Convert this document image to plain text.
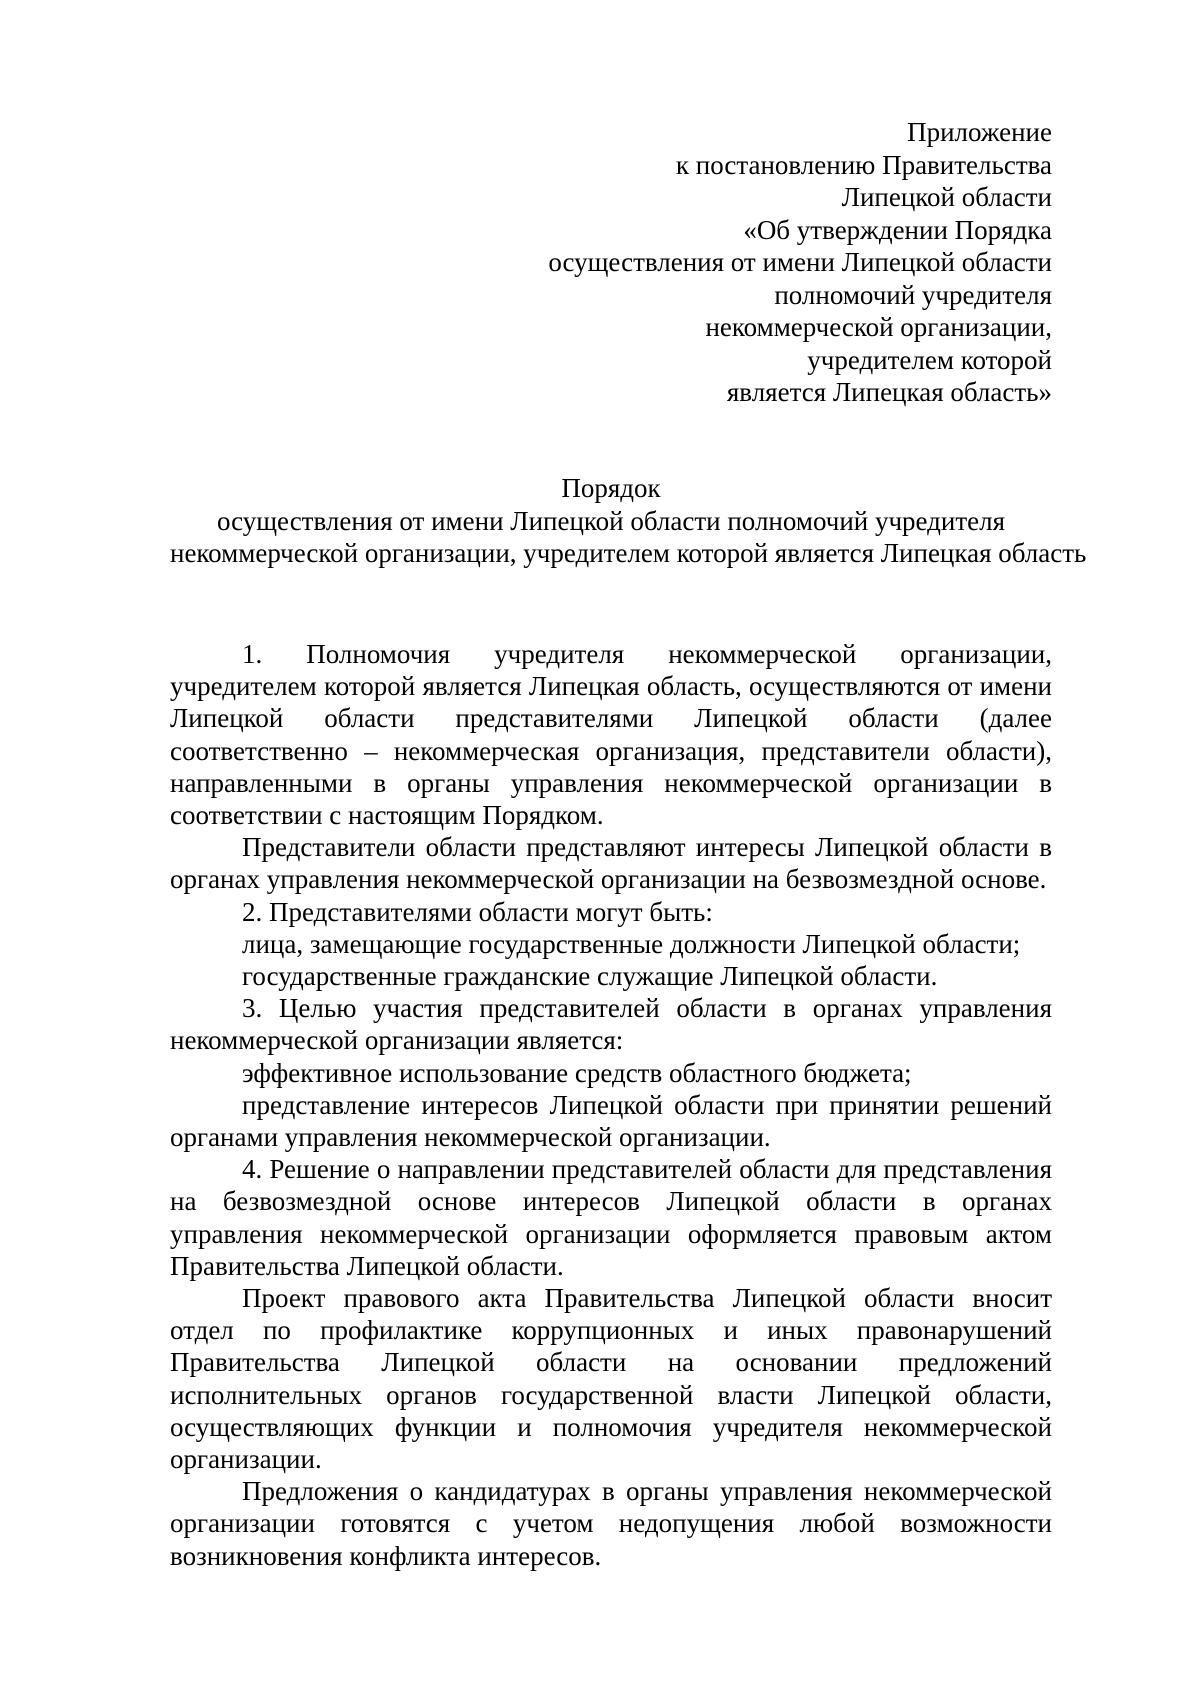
Приложение
к постановлению Правительства
Липецкой области
«Об утверждении Порядка
осуществления от имени Липецкой области
полномочий учредителя
некоммерческой организации,
учредителем которой
является Липецкая область»
Порядок
осуществления от имени Липецкой области полномочий учредителя
некоммерческой организации, учредителем которой является Липецкая область

1. Полномочия учредителя некоммерческой организации, учредителем которой является Липецкая область, осуществляются от имени Липецкой области представителями Липецкой области (далее соответственно – некоммерческая организация, представители области), направленными в органы управления некоммерческой организации в соответствии с настоящим Порядком.

Представители области представляют интересы Липецкой области в органах управления некоммерческой организации на безвозмездной основе.

2. Представителями области могут быть:

лица, замещающие государственные должности Липецкой области;

государственные гражданские служащие Липецкой области.

3. Целью участия представителей области в органах управления некоммерческой организации является:

эффективное использование средств областного бюджета;

представление интересов Липецкой области при принятии решений органами управления некоммерческой организации.

4. Решение о направлении представителей области для представления на безвозмездной основе интересов Липецкой области в органах управления некоммерческой организации оформляется правовым актом Правительства Липецкой области.

Проект правового акта Правительства Липецкой области вносит отдел по профилактике коррупционных и иных правонарушений Правительства Липецкой области на основании предложений исполнительных органов государственной власти Липецкой области, осуществляющих функции и полномочия учредителя некоммерческой организации.

Предложения о кандидатурах в органы управления некоммерческой организации готовятся с учетом недопущения любой возможности возникновения конфликта интересов.
